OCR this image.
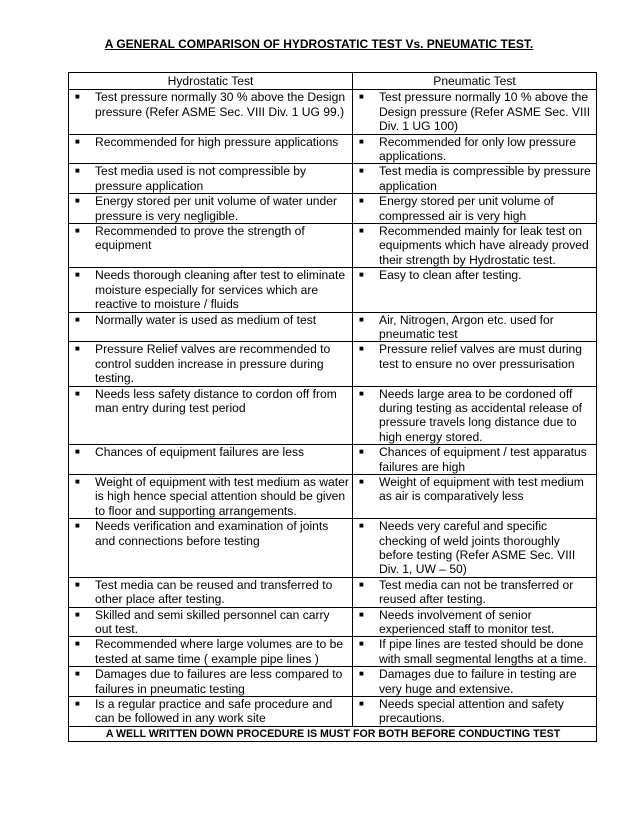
A GENERAL COMPARISON OF HYDROSTATIC TEST Vs. PNEUMATIC TEST.
Hydrostatic Test	Pneumatic Test

■ Test pressure normally 30 % above the Design pressure (Refer ASME Sec. VIII Div. 1 UG 99.)	■ Test pressure normally 10 % above the Design pressure (Refer ASME Sec. VIII Div. 1 UG 100)

■ Recommended for high pressure applications	■ Recommended for only low pressure applications.

■ Test media used is not compressible by pressure application	■ Test media is compressible by pressure application

■ Energy stored per unit volume of water under pressure is very negligible.	■ Energy stored per unit volume of compressed air is very high

■ Recommended to prove the strength of equipment	■ Recommended mainly for leak test on equipments which have already proved their strength by Hydrostatic test.

■ Needs thorough cleaning after test to eliminate moisture especially for services which are reactive to moisture / fluids	■ Easy to clean after testing.

■ Normally water is used as medium of test	■ Air, Nitrogen, Argon etc. used for pneumatic test

■ Pressure Relief valves are recommended to control sudden increase in pressure during testing.	■ Pressure relief valves are must during test to ensure no over pressurisation

■ Needs less safety distance to cordon off from man entry during test period	■ Needs large area to be cordoned off during testing as accidental release of pressure travels long distance due to high energy stored.

■ Chances of equipment failures are less	■ Chances of equipment / test apparatus failures are high

■ Weight of equipment with test medium as water is high hence special attention should be given to floor and supporting arrangements.	■ Weight of equipment with test medium as air is comparatively less

■ Needs verification and examination of joints and connections before testing	■ Needs very careful and specific checking of weld joints thoroughly before testing (Refer ASME Sec. VIII Div. 1, UW – 50)

■ Test media can be reused and transferred to other place after testing.	■ Test media can not be transferred or reused after testing.

■ Skilled and semi skilled personnel can carry out test.	■ Needs involvement of senior experienced staff to monitor test.

■ Recommended where large volumes are to be tested at same time ( example pipe lines )	■ If pipe lines are tested should be done with small segmental lengths at a time.

■ Damages due to failures are less compared to failures in pneumatic testing	■ Damages due to failure in testing are very huge and extensive.

■ Is a regular practice and safe procedure and can be followed in any work site	■ Needs special attention and safety precautions.

A WELL WRITTEN DOWN PROCEDURE IS MUST FOR BOTH BEFORE CONDUCTING TEST	
